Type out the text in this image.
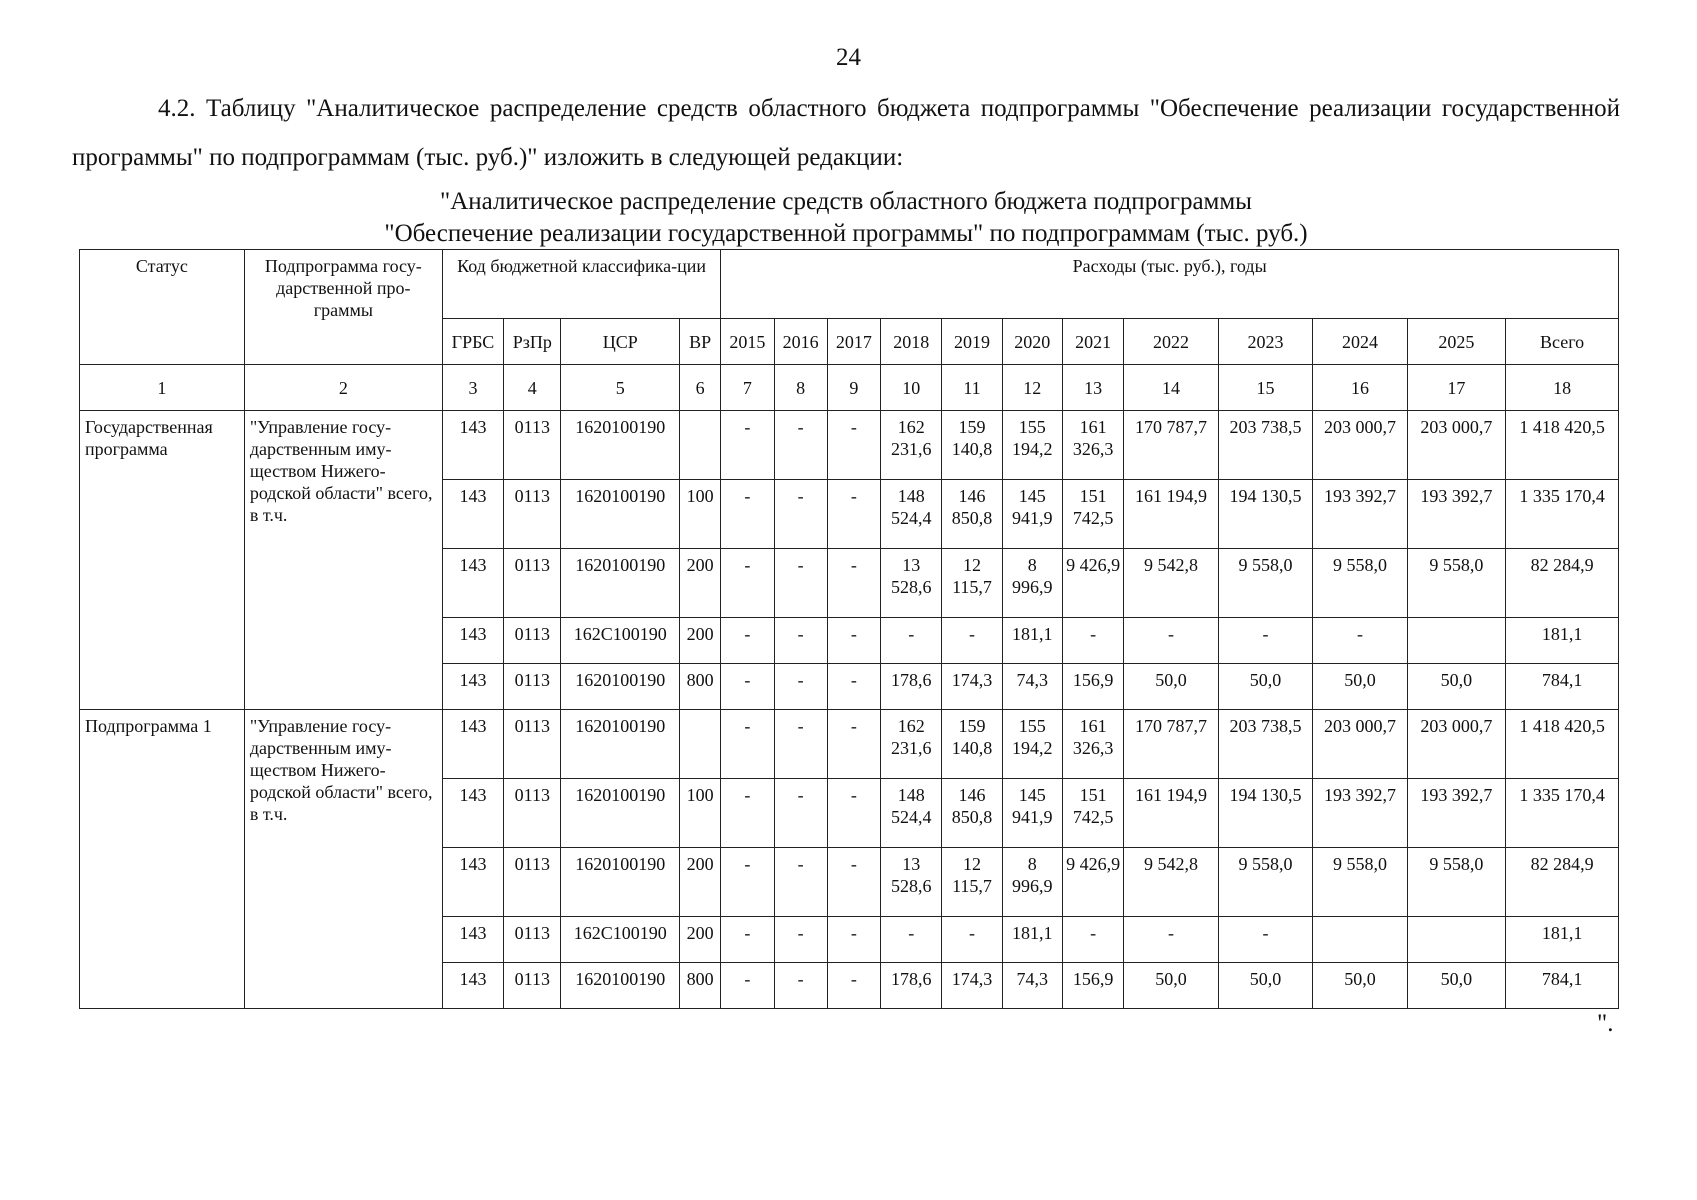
24

4.2. Таблицу "Аналитическое распределение средств областного бюджета подпрограммы "Обеспечение реализации государственной программы" по подпрограммам (тыс. руб.)" изложить в следующей редакции:

"Аналитическое распределение средств областного бюджета подпрограммы
"Обеспечение реализации государственной программы" по подпрограммам (тыс. руб.)
Статус	Подпрограмма госу-дарственной про-граммы	Код бюджетной классифика-ции				Расходы (тыс. руб.), годы											
		ГРБС	РзПр	ЦСР	ВР	2015	2016	2017	2018	2019	2020	2021	2022	2023	2024	2025	Всего
1	2	3	4	5	6	7	8	9	10	11	12	13	14	15	16	17	18
Государственная программа	"Управление госу-дарственным иму-ществом Нижего-родской области" всего, в т.ч.	143	0113	1620100190		-	-	-	162 231,6	159 140,8	155 194,2	161 326,3	170 787,7	203 738,5	203 000,7	203 000,7	1 418 420,5
		143	0113	1620100190	100	-	-	-	148 524,4	146 850,8	145 941,9	151 742,5	161 194,9	194 130,5	193 392,7	193 392,7	1 335 170,4
		143	0113	1620100190	200	-	-	-	13 528,6	12 115,7	8 996,9	9 426,9	9 542,8	9 558,0	9 558,0	9 558,0	82 284,9
		143	0113	162С100190	200	-	-	-	-	-	181,1	-	-	-	-		181,1
		143	0113	1620100190	800	-	-	-	178,6	174,3	74,3	156,9	50,0	50,0	50,0	50,0	784,1
Подпрограмма 1	"Управление госу-дарственным иму-ществом Нижего-родской области" всего, в т.ч.	143	0113	1620100190		-	-	-	162 231,6	159 140,8	155 194,2	161 326,3	170 787,7	203 738,5	203 000,7	203 000,7	1 418 420,5
		143	0113	1620100190	100	-	-	-	148 524,4	146 850,8	145 941,9	151 742,5	161 194,9	194 130,5	193 392,7	193 392,7	1 335 170,4
		143	0113	1620100190	200	-	-	-	13 528,6	12 115,7	8 996,9	9 426,9	9 542,8	9 558,0	9 558,0	9 558,0	82 284,9
		143	0113	162С100190	200	-	-	-	-	-	181,1	-	-	-			181,1
		143	0113	1620100190	800	-	-	-	178,6	174,3	74,3	156,9	50,0	50,0	50,0	50,0	784,1
".
